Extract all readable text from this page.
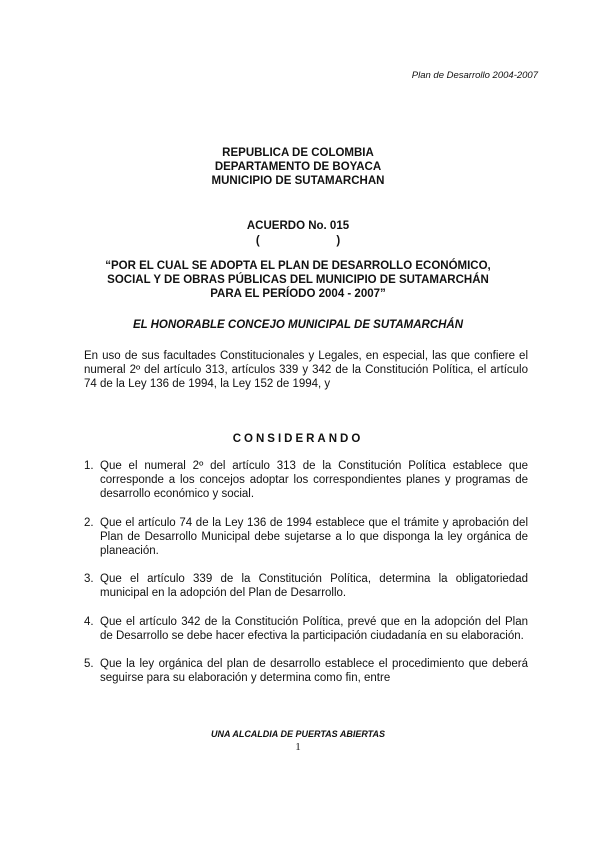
Plan de Desarrollo 2004-2007
REPUBLICA DE COLOMBIA
DEPARTAMENTO DE BOYACA
MUNICIPIO DE SUTAMARCHAN
ACUERDO No. 015
(                        )
“POR EL CUAL SE ADOPTA EL PLAN DE DESARROLLO ECONÓMICO,
SOCIAL Y DE OBRAS PÚBLICAS DEL MUNICIPIO DE SUTAMARCHÁN
PARA EL PERÍODO 2004 - 2007”
EL HONORABLE CONCEJO MUNICIPAL DE SUTAMARCHÁN

En uso de sus facultades Constitucionales y Legales, en especial, las que confiere el numeral 2º del artículo 313, artículos 339 y 342 de la Constitución Política, el artículo 74 de la Ley 136 de 1994, la Ley 152 de 1994, y

CONSIDERANDO
1. Que el numeral 2º del artículo 313 de la Constitución Política establece que corresponde a los concejos adoptar los correspondientes planes y programas de desarrollo económico y social.
2. Que el artículo 74 de la Ley 136 de 1994 establece que el trámite y aprobación del Plan de Desarrollo Municipal debe sujetarse a lo que disponga la ley orgánica de planeación.
3. Que el artículo 339 de la Constitución Política, determina la obligatoriedad municipal en la adopción del Plan de Desarrollo.
4. Que el artículo 342 de la Constitución Política, prevé que en la adopción del Plan de Desarrollo se debe hacer efectiva la participación ciudadanía en su elaboración.
5. Que la ley orgánica del plan de desarrollo establece el procedimiento que deberá seguirse para su elaboración y determina como fin, entre
UNA ALCALDIA DE PUERTAS ABIERTAS
1
